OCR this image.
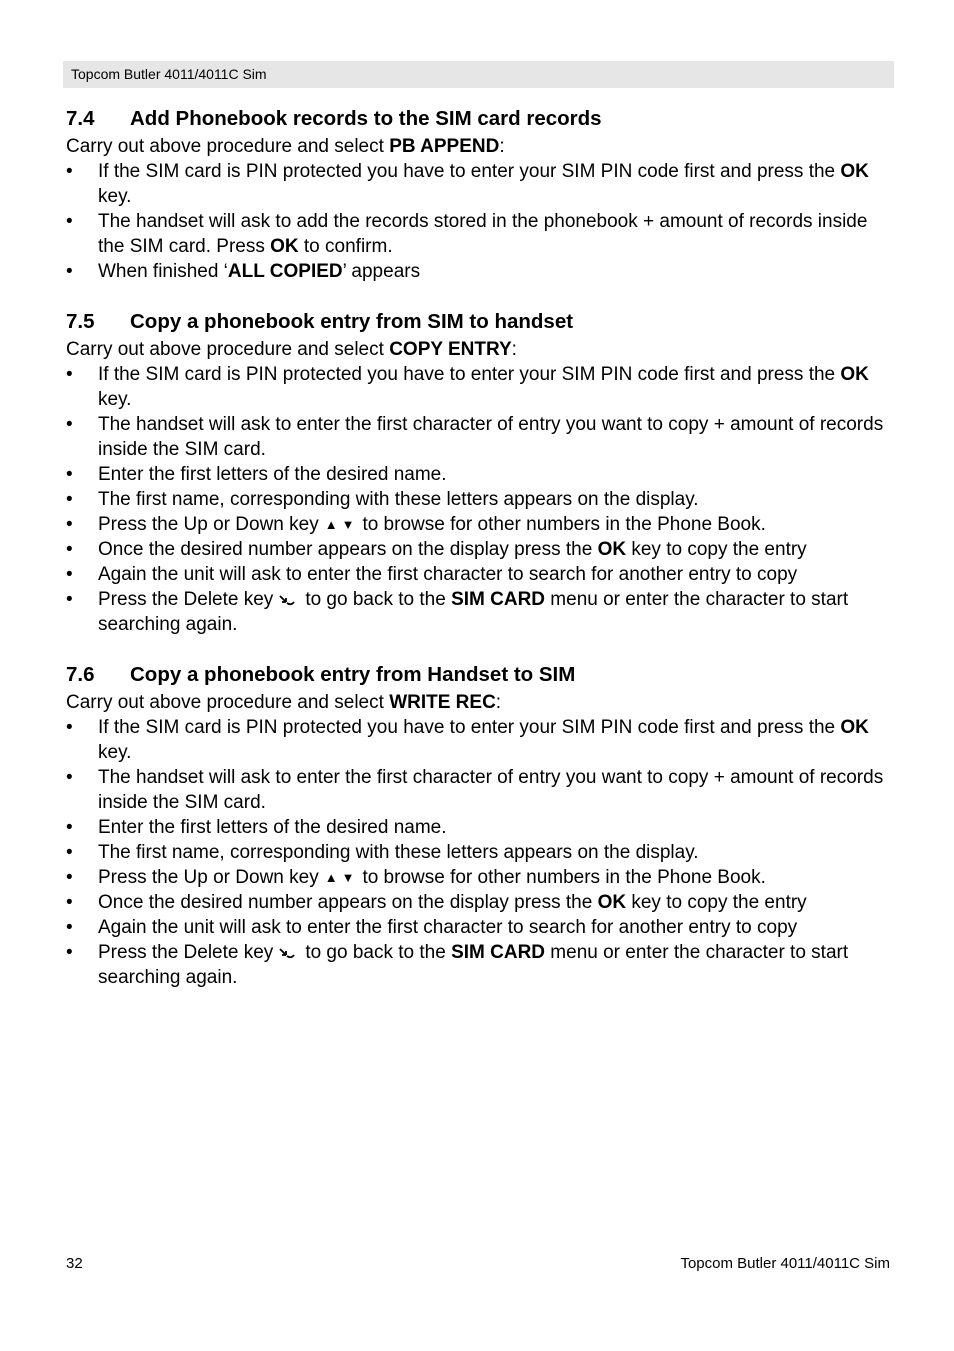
Topcom Butler 4011/4011C Sim
7.4	Add Phonebook records to the SIM card records

Carry out above procedure and select PB APPEND:

• If the SIM card is PIN protected you have to enter your SIM PIN code first and press the OK key.
• The handset will ask to add the records stored in the phonebook + amount of records inside the SIM card. Press OK to confirm.
• When finished ‘ALL COPIED’ appears
7.5	Copy a phonebook entry from SIM to handset

Carry out above procedure and select COPY ENTRY:

• If the SIM card is PIN protected you have to enter your SIM PIN code first and press the OK key.
• The handset will ask to enter the first character of entry you want to copy + amount of records inside the SIM card.
• Enter the first letters of the desired name.
• The first name, corresponding with these letters appears on the display.
• Press the Up or Down key ▲▼ to browse for other numbers in the Phone Book.
• Once the desired number appears on the display press the OK key to copy the entry
• Again the unit will ask to enter the first character to search for another entry to copy
• Press the Delete key to go back to the SIM CARD menu or enter the character to start searching again.
7.6	Copy a phonebook entry from Handset to SIM

Carry out above procedure and select WRITE REC:

• If the SIM card is PIN protected you have to enter your SIM PIN code first and press the OK key.
• The handset will ask to enter the first character of entry you want to copy + amount of records inside the SIM card.
• Enter the first letters of the desired name.
• The first name, corresponding with these letters appears on the display.
• Press the Up or Down key ▲▼ to browse for other numbers in the Phone Book.
• Once the desired number appears on the display press the OK key to copy the entry
• Again the unit will ask to enter the first character to search for another entry to copy
• Press the Delete key to go back to the SIM CARD menu or enter the character to start searching again.
32	Topcom Butler 4011/4011C Sim
